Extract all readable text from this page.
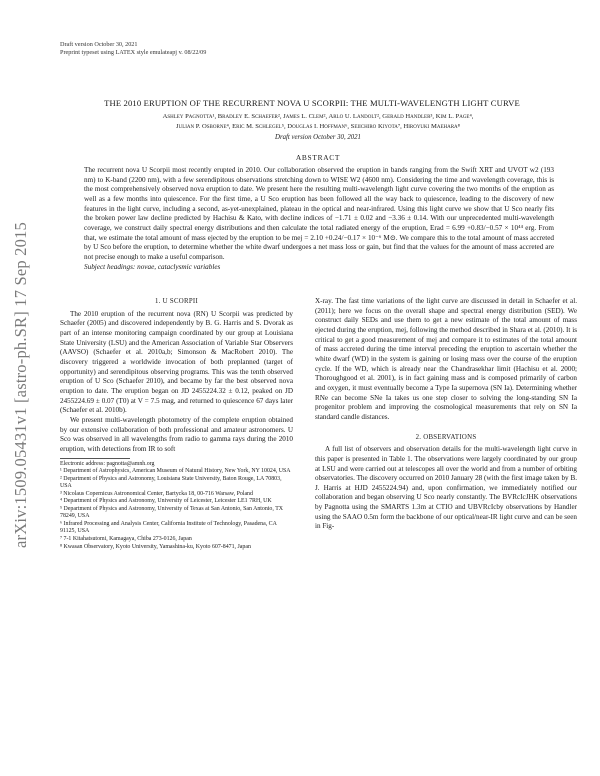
arXiv:1509.05431v1 [astro-ph.SR] 17 Sep 2015
Draft version October 30, 2021
Preprint typeset using LATEX style emulateapj v. 08/22/09
THE 2010 ERUPTION OF THE RECURRENT NOVA U SCORPII: THE MULTI-WAVELENGTH LIGHT CURVE
Ashley Pagnotta¹, Bradley E. Schaefer², James L. Clem², Arlo U. Landolt², Gerald Handler³, Kim L. Page⁴,
Julian P. Osborne⁴, Eric M. Schlegel⁵, Douglas I. Hoffman⁶, Seiichiro Kiyota⁷, Hiroyuki Maehara⁸
Draft version October 30, 2021
ABSTRACT

The recurrent nova U Scorpii most recently erupted in 2010. Our collaboration observed the eruption in bands ranging from the Swift XRT and UVOT w2 (193 nm) to K-band (2200 nm), with a few serendipitous observations stretching down to WISE W2 (4600 nm). Considering the time and wavelength coverage, this is the most comprehensively observed nova eruption to date. We present here the resulting multi-wavelength light curve covering the two months of the eruption as well as a few months into quiescence. For the first time, a U Sco eruption has been followed all the way back to quiescence, leading to the discovery of new features in the light curve, including a second, as-yet-unexplained, plateau in the optical and near-infrared. Using this light curve we show that U Sco nearly fits the broken power law decline predicted by Hachisu & Kato, with decline indices of −1.71 ± 0.02 and −3.36 ± 0.14. With our unprecedented multi-wavelength coverage, we construct daily spectral energy distributions and then calculate the total radiated energy of the eruption, Erad = 6.99 +0.83/−0.57 × 10⁴⁴ erg. From that, we estimate the total amount of mass ejected by the eruption to be mej = 2.10 +0.24/−0.17 × 10⁻⁶ M⊙. We compare this to the total amount of mass accreted by U Sco before the eruption, to determine whether the white dwarf undergoes a net mass loss or gain, but find that the values for the amount of mass accreted are not precise enough to make a useful comparison.

Subject headings: novae, cataclysmic variables

1. U SCORPII

The 2010 eruption of the recurrent nova (RN) U Scorpii was predicted by Schaefer (2005) and discovered independently by B. G. Harris and S. Dvorak as part of an intense monitoring campaign coordinated by our group at Louisiana State University (LSU) and the American Association of Variable Star Observers (AAVSO) (Schaefer et al. 2010a,b; Simonson & MacRobert 2010). The discovery triggered a worldwide invocation of both preplanned (target of opportunity) and serendipitous observing programs. This was the tenth observed eruption of U Sco (Schaefer 2010), and became by far the best observed nova eruption to date. The eruption began on JD 2455224.32 ± 0.12, peaked on JD 2455224.69 ± 0.07 (T0) at V = 7.5 mag, and returned to quiescence 67 days later (Schaefer et al. 2010b).

We present multi-wavelength photometry of the complete eruption obtained by our extensive collaboration of both professional and amateur astronomers. U Sco was observed in all wavelengths from radio to gamma rays during the 2010 eruption, with detections from IR to soft

Electronic address: pagnotta@amnh.org
¹ Department of Astrophysics, American Museum of Natural History, New York, NY 10024, USA
² Department of Physics and Astronomy, Louisiana State University, Baton Rouge, LA 70803, USA
³ Nicolaus Copernicus Astronomical Center, Bartycka 18, 00-716 Warsaw, Poland
⁴ Department of Physics and Astronomy, University of Leicester, Leicester LE1 7RH, UK
⁵ Department of Physics and Astronomy, University of Texas at San Antonio, San Antonio, TX 78249, USA
⁶ Infrared Processing and Analysis Center, California Institute of Technology, Pasadena, CA 91125, USA
⁷ 7-1 Kitahatsutomi, Kamagaya, Chiba 273-0126, Japan
⁸ Kwasan Observatory, Kyoto University, Yamashina-ku, Kyoto 607-8471, Japan

X-ray. The fast time variations of the light curve are discussed in detail in Schaefer et al. (2011); here we focus on the overall shape and spectral energy distribution (SED). We construct daily SEDs and use them to get a new estimate of the total amount of mass ejected during the eruption, mej, following the method described in Shara et al. (2010). It is critical to get a good measurement of mej and compare it to estimates of the total amount of mass accreted during the time interval preceding the eruption to ascertain whether the white dwarf (WD) in the system is gaining or losing mass over the course of the eruption cycle. If the WD, which is already near the Chandrasekhar limit (Hachisu et al. 2000; Thoroughgood et al. 2001), is in fact gaining mass and is composed primarily of carbon and oxygen, it must eventually become a Type Ia supernova (SN Ia). Determining whether RNe can become SNe Ia takes us one step closer to solving the long-standing SN Ia progenitor problem and improving the cosmological measurements that rely on SN Ia standard candle distances.

2. OBSERVATIONS

A full list of observers and observation details for the multi-wavelength light curve in this paper is presented in Table 1. The observations were largely coordinated by our group at LSU and were carried out at telescopes all over the world and from a number of orbiting observatories. The discovery occurred on 2010 January 28 (with the first image taken by B. J. Harris at HJD 2455224.94) and, upon confirmation, we immediately notified our collaboration and began observing U Sco nearly constantly. The BVRcIcJHK observations by Pagnotta using the SMARTS 1.3m at CTIO and UBVRcIcby observations by Handler using the SAAO 0.5m form the backbone of our optical/near-IR light curve and can be seen in Fig-
